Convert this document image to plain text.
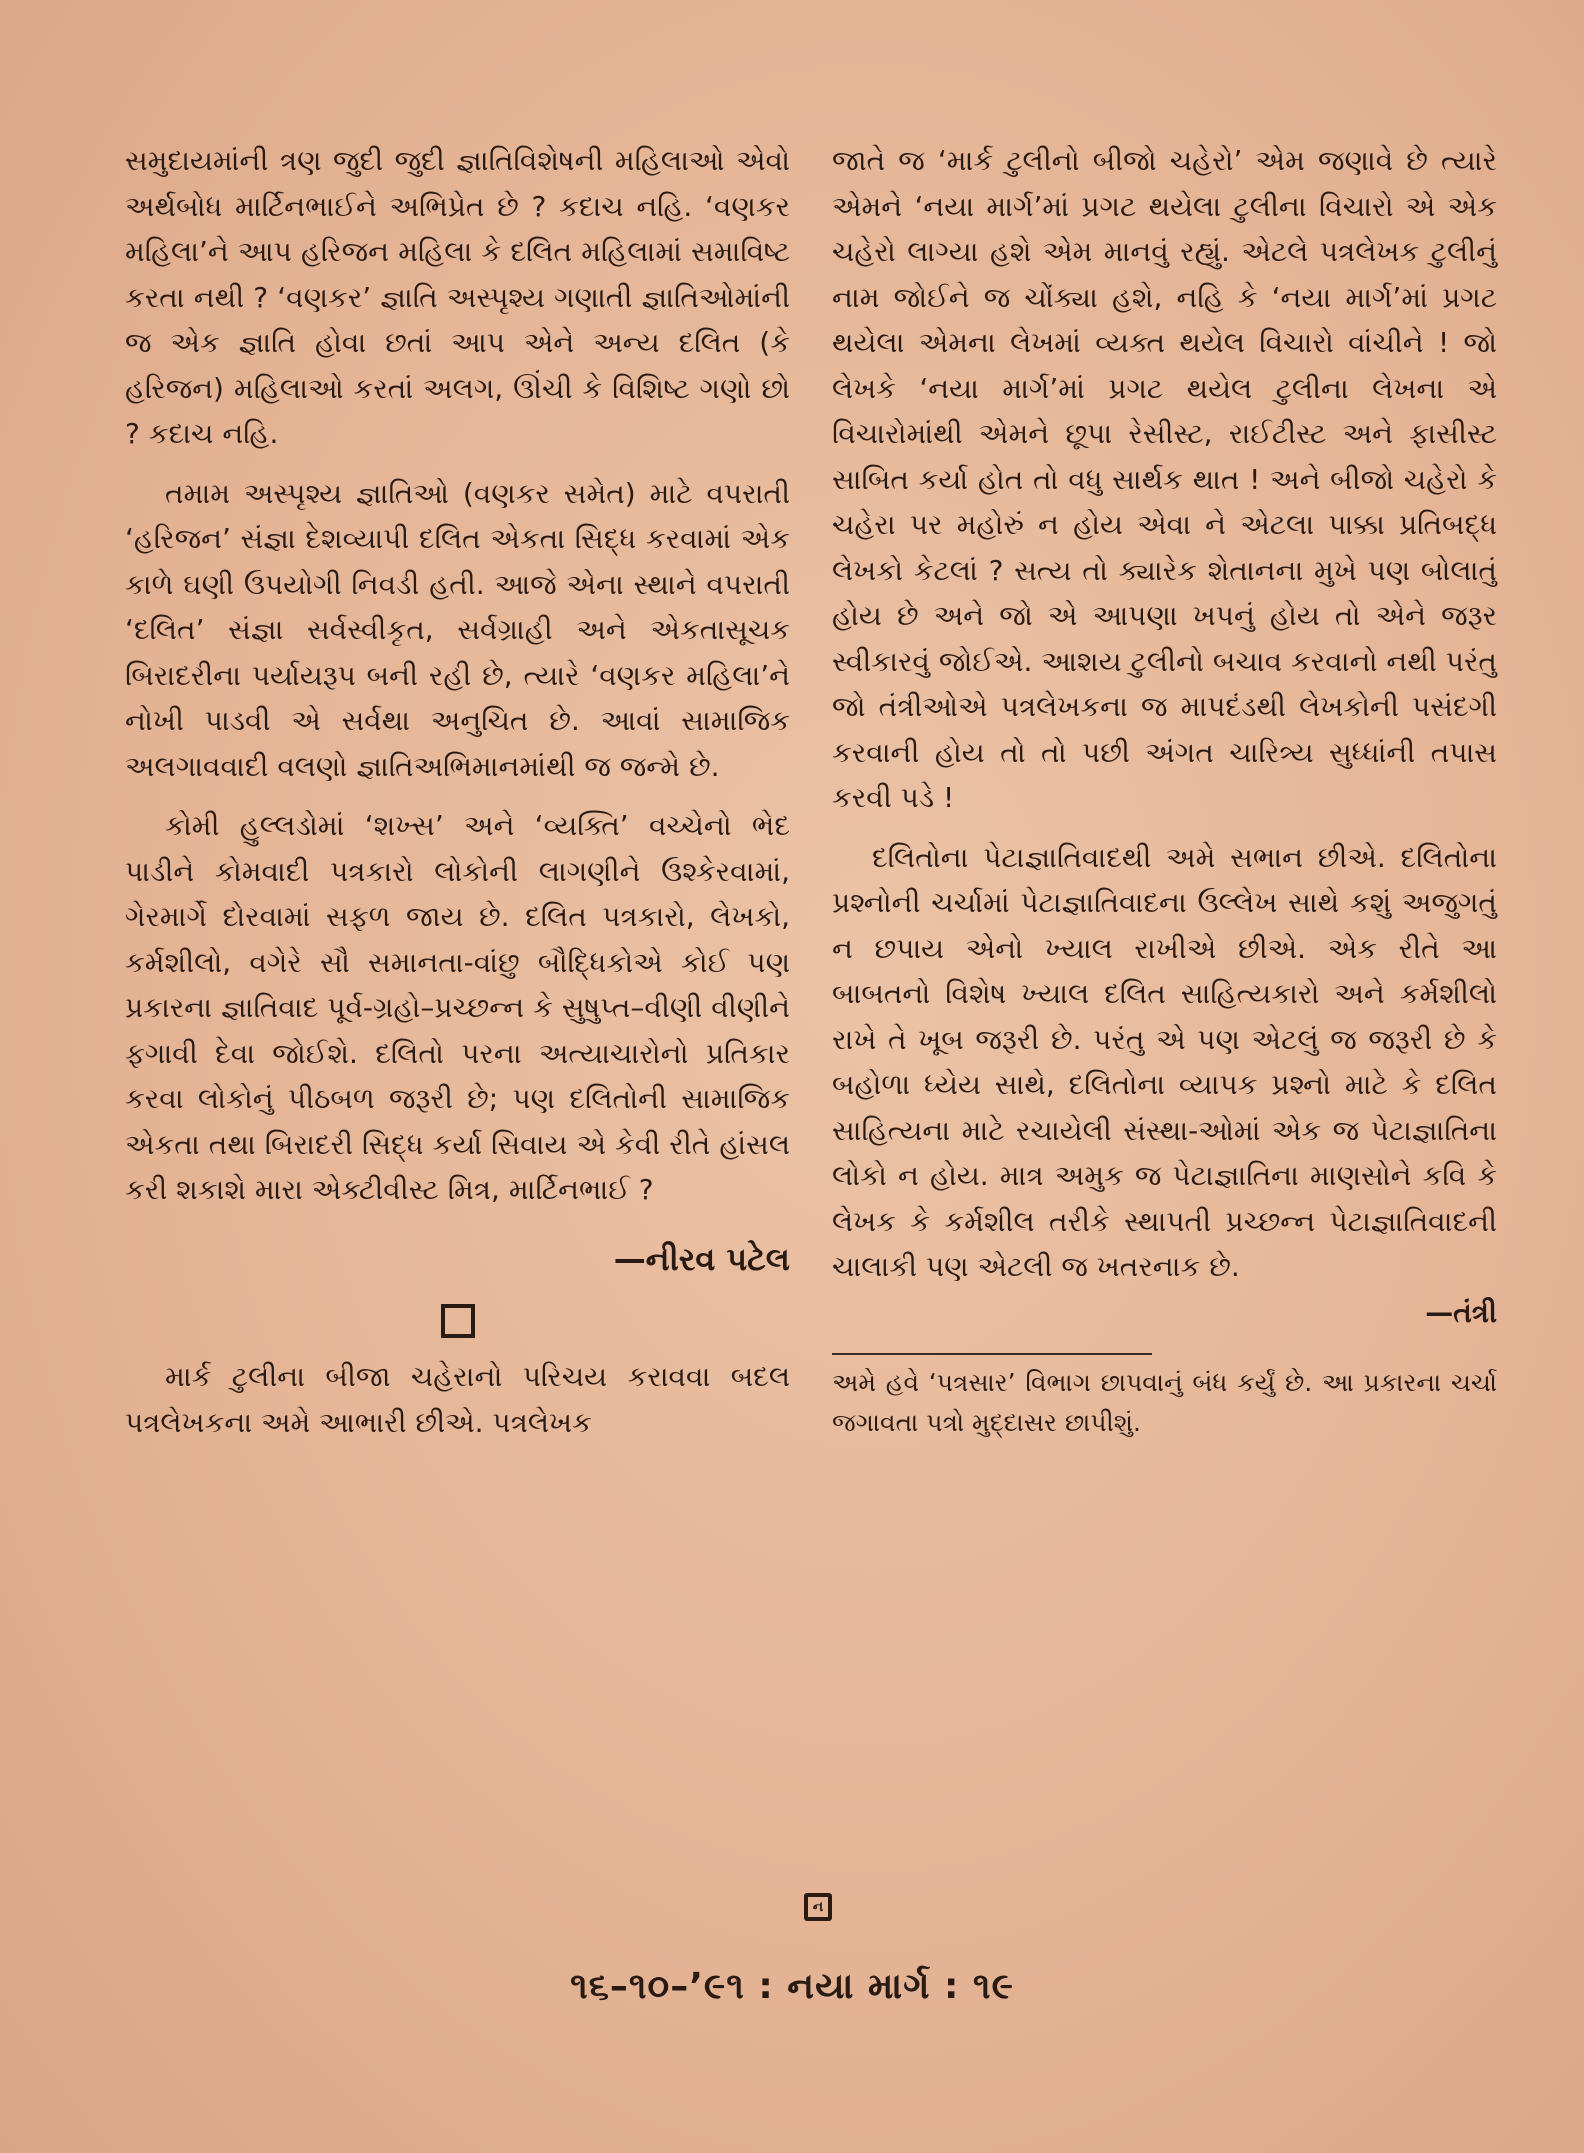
સમુદાયમાંની ત્રણ જુદી જુદી જ્ઞાતિવિશેષની મહિલાઓ એવો અર્થબોધ માર્ટિનભાઈને અભિપ્રેત છે ? કદાચ નહિ. ‘વણકર મહિલા’ને આપ હરિજન મહિલા કે દલિત મહિલામાં સમાવિષ્ટ કરતા નથી ? ‘વણકર’ જ્ઞાતિ અસ્પૃશ્ય ગણાતી જ્ઞાતિઓમાંની જ એક જ્ઞાતિ હોવા છતાં આપ એને અન્ય દલિત (કે હરિજન) મહિલાઓ કરતાં અલગ, ઊંચી કે વિશિષ્ટ ગણો છો ? કદાચ નહિ.

તમામ અસ્પૃશ્ય જ્ઞાતિઓ (વણકર સમેત) માટે વપરાતી ‘હરિજન’ સંજ્ઞા દેશવ્યાપી દલિત એકતા સિદ્ધ કરવામાં એક કાળે ઘણી ઉપયોગી નિવડી હતી. આજે એના સ્થાને વપરાતી ‘દલિત’ સંજ્ઞા સર્વસ્વીકૃત, સર્વગ્રાહી અને એકતાસૂચક બિરાદરીના પર્યાયરૂપ બની રહી છે, ત્યારે ‘વણકર મહિલા’ને નોખી પાડવી એ સર્વથા અનુચિત છે. આવાં સામાજિક અલગાવવાદી વલણો જ્ઞાતિઅભિમાનમાંથી જ જન્મે છે.

કોમી હુલ્લડોમાં ‘શખ્સ’ અને ‘વ્યક્તિ’ વચ્ચેનો ભેદ પાડીને કોમવાદી પત્રકારો લોકોની લાગણીને ઉશ્કેરવામાં, ગેરમાર્ગે દોરવામાં સફળ જાય છે. દલિત પત્રકારો, લેખકો, કર્મશીલો, વગેરે સૌ સમાનતા-વાંછુ બૌદ્ધિકોએ કોઈ પણ પ્રકારના જ્ઞાતિવાદ પૂર્વ-ગ્રહો–પ્રચ્છન્ન કે સુષુપ્ત–વીણી વીણીને ફગાવી દેવા જોઈશે. દલિતો પરના અત્યાચારોનો પ્રતિકાર કરવા લોકોનું પીઠબળ જરૂરી છે; પણ દલિતોની સામાજિક એકતા તથા બિરાદરી સિદ્ધ કર્યા સિવાય એ કેવી રીતે હાંસલ કરી શકાશે મારા એક્ટીવીસ્ટ મિત્ર, માર્ટિનભાઈ ?

—નીરવ પટેલ

માર્ક ટુલીના બીજા ચહેરાનો પરિચય કરાવવા બદલ પત્રલેખકના અમે આભારી છીએ. પત્રલેખક

જાતે જ ‘માર્ક ટુલીનો બીજો ચહેરો’ એમ જણાવે છે ત્યારે એમને ‘નયા માર્ગ’માં પ્રગટ થયેલા ટુલીના વિચારો એ એક ચહેરો લાગ્યા હશે એમ માનવું રહ્યું. એટલે પત્રલેખક ટુલીનું નામ જોઈને જ ચોંક્યા હશે, નહિ કે ‘નયા માર્ગ’માં પ્રગટ થયેલા એમના લેખમાં વ્યક્ત થયેલ વિચારો વાંચીને ! જો લેખકે ‘નયા માર્ગ’માં પ્રગટ થયેલ ટુલીના લેખના એ વિચારોમાંથી એમને છૂપા રેસીસ્ટ, રાઈટીસ્ટ અને ફાસીસ્ટ સાબિત કર્યા હોત તો વધુ સાર્થક થાત ! અને બીજો ચહેરો કે ચહેરા પર મહોરું ન હોય એવા ને એટલા પાક્કા પ્રતિબદ્ધ લેખકો કેટલાં ? સત્ય તો ક્યારેક શેતાનના મુખે પણ બોલાતું હોય છે અને જો એ આપણા ખપનું હોય તો એને જરૂર સ્વીકારવું જોઈએ. આશય ટુલીનો બચાવ કરવાનો નથી પરંતુ જો તંત્રીઓએ પત્રલેખકના જ માપદંડથી લેખકોની પસંદગી કરવાની હોય તો તો પછી અંગત ચારિત્ર્ય સુધ્ધાંની તપાસ કરવી પડે !

દલિતોના પેટાજ્ઞાતિવાદથી અમે સભાન છીએ. દલિતોના પ્રશ્નોની ચર્ચામાં પેટાજ્ઞાતિવાદના ઉલ્લેખ સાથે કશું અજુગતું ન છપાય એનો ખ્યાલ રાખીએ છીએ. એક રીતે આ બાબતનો વિશેષ ખ્યાલ દલિત સાહિત્યકારો અને કર્મશીલો રાખે તે ખૂબ જરૂરી છે. પરંતુ એ પણ એટલું જ જરૂરી છે કે બહોળા ધ્યેય સાથે, દલિતોના વ્યાપક પ્રશ્નો માટે કે દલિત સાહિત્યના માટે રચાયેલી સંસ્થા-ઓમાં એક જ પેટાજ્ઞાતિના લોકો ન હોય. માત્ર અમુક જ પેટાજ્ઞાતિના માણસોને કવિ કે લેખક કે કર્મશીલ તરીકે સ્થાપતી પ્રચ્છન્ન પેટાજ્ઞાતિવાદની ચાલાકી પણ એટલી જ ખતરનાક છે.

—તંત્રી

અમે હવે ‘પત્રસાર’ વિભાગ છાપવાનું બંધ કર્યું છે. આ પ્રકારના ચર્ચા જગાવતા પત્રો મુદ્દાસર છાપીશું.

ન
૧૬–૧૦–’૯૧ : નયા માર્ગ : ૧૯
